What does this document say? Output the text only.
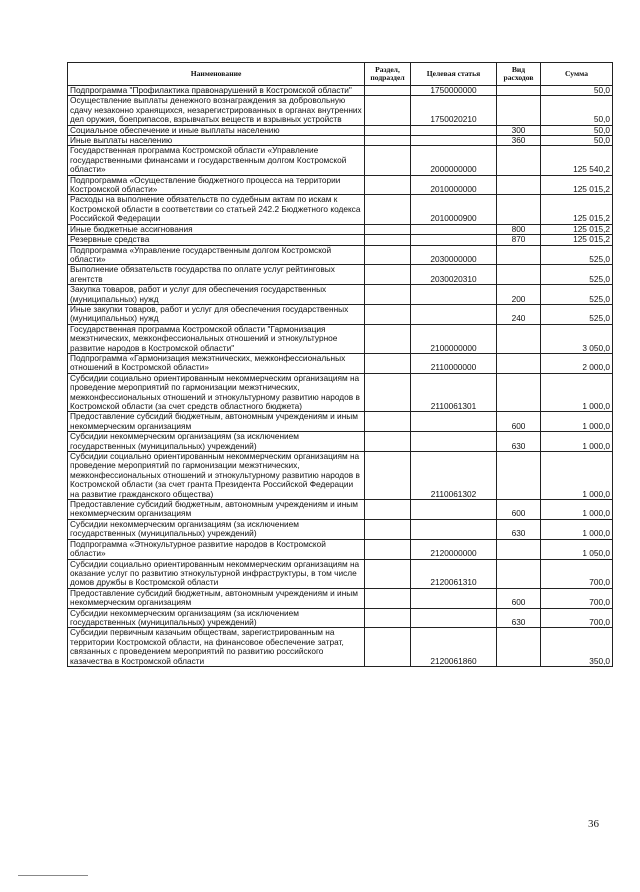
Наименование	Раздел, подраздел	Целевая статья	Вид расходов	Сумма
Подпрограмма "Профилактика правонарушений в Костромской области"		1750000000		50,0
Осуществление выплаты денежного вознаграждения за добровольную сдачу незаконно хранящихся, незарегистрированных в органах внутренних дел оружия, боеприпасов, взрывчатых веществ и взрывных устройств		1750020210		50,0
Социальное обеспечение и иные выплаты населению			300	50,0
Иные выплаты населению			360	50,0
Государственная программа Костромской области «Управление государственными финансами и государственным долгом Костромской области»		2000000000		125 540,2
Подпрограмма «Осуществление бюджетного процесса на территории Костромской области»		2010000000		125 015,2
Расходы на выполнение обязательств по судебным актам по искам к Костромской области в соответствии со статьей 242.2 Бюджетного кодекса Российской Федерации		2010000900		125 015,2
Иные бюджетные ассигнования			800	125 015,2
Резервные средства			870	125 015,2
Подпрограмма «Управление государственным долгом Костромской области»		2030000000		525,0
Выполнение обязательств государства по оплате услуг рейтинговых агентств		2030020310		525,0
Закупка товаров, работ и услуг для обеспечения государственных (муниципальных) нужд			200	525,0
Иные закупки товаров, работ и услуг для обеспечения государственных (муниципальных) нужд			240	525,0
Государственная программа Костромской области "Гармонизация межэтнических, межконфессиональных отношений и этнокультурное развитие народов в Костромской области"		2100000000		3 050,0
Подпрограмма «Гармонизация межэтнических, межконфессиональных отношений в Костромской области»		2110000000		2 000,0
Субсидии социально ориентированным некоммерческим организациям на проведение мероприятий по гармонизации межэтнических, межконфессиональных отношений и этнокультурному развитию народов в Костромской области (за счет средств областного бюджета)		2110061301		1 000,0
Предоставление субсидий бюджетным, автономным учреждениям и иным некоммерческим организациям			600	1 000,0
Субсидии некоммерческим организациям (за исключением государственных (муниципальных) учреждений)			630	1 000,0
Субсидии социально ориентированным некоммерческим организациям на проведение мероприятий по гармонизации межэтнических, межконфессиональных отношений и этнокультурному развитию народов в Костромской области (за счет гранта Президента Российской Федерации на развитие гражданского общества)		2110061302		1 000,0
Предоставление субсидий бюджетным, автономным учреждениям и иным некоммерческим организациям			600	1 000,0
Субсидии некоммерческим организациям (за исключением государственных (муниципальных) учреждений)			630	1 000,0
Подпрограмма «Этнокультурное развитие народов в Костромской области»		2120000000		1 050,0
Субсидии социально ориентированным некоммерческим организациям на оказание услуг по развитию этнокультурной инфраструктуры, в том числе домов дружбы в Костромской области		2120061310		700,0
Предоставление субсидий бюджетным, автономным учреждениям и иным некоммерческим организациям			600	700,0
Субсидии некоммерческим организациям (за исключением государственных (муниципальных) учреждений)			630	700,0
Субсидии первичным казачьим обществам, зарегистрированным на территории Костромской области, на финансовое обеспечение затрат, связанных с проведением мероприятий по развитию российского казачества в Костромской области		2120061860		350,0
36
